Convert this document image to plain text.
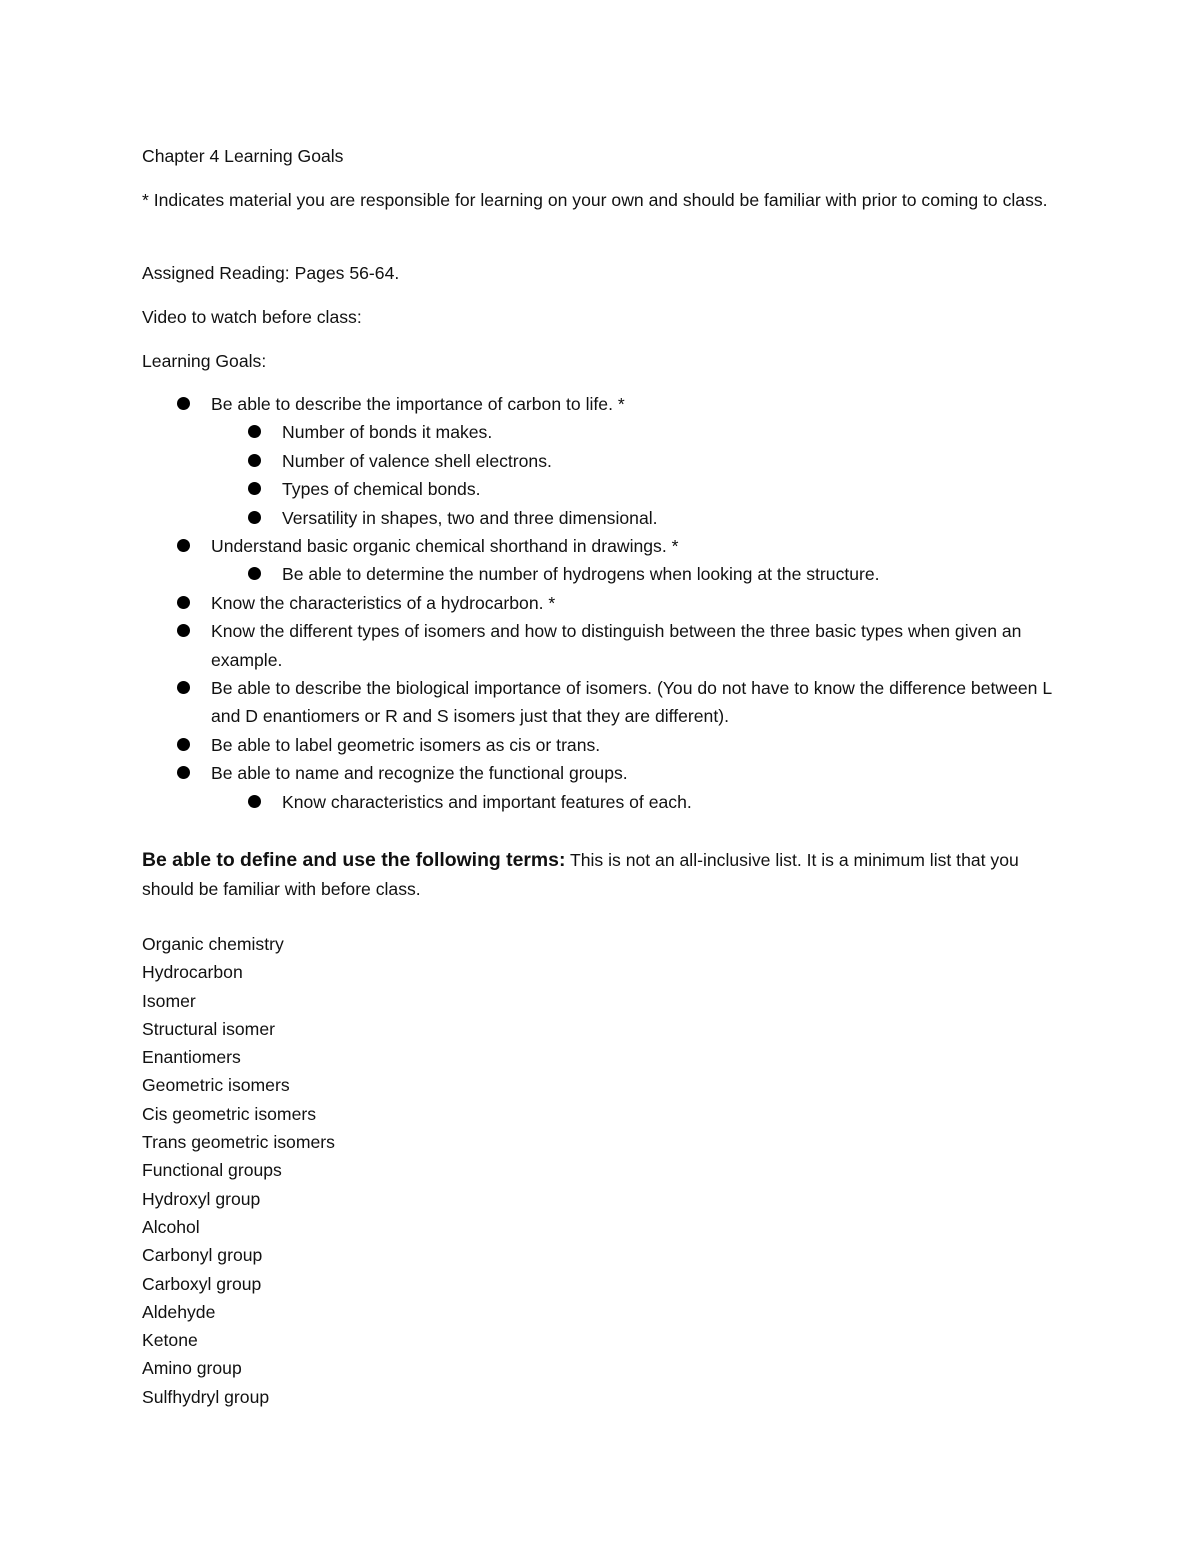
Chapter 4 Learning Goals

* Indicates material you are responsible for learning on your own and should be familiar with prior to coming to class.

Assigned Reading: Pages 56-64.

Video to watch before class:

Learning Goals:

Be able to describe the importance of carbon to life. *
Number of bonds it makes.
Number of valence shell electrons.
Types of chemical bonds.
Versatility in shapes, two and three dimensional.
Understand basic organic chemical shorthand in drawings. *
Be able to determine the number of hydrogens when looking at the structure.
Know the characteristics of a hydrocarbon. *
Know the different types of isomers and how to distinguish between the three basic types when given an example.
Be able to describe the biological importance of isomers. (You do not have to know the difference between L and D enantiomers or R and S isomers just that they are different).
Be able to label geometric isomers as cis or trans.
Be able to name and recognize the functional groups.
Know characteristics and important features of each.

Be able to define and use the following terms: This is not an all-inclusive list. It is a minimum list that you should be familiar with before class.

Organic chemistry
Hydrocarbon
Isomer
Structural isomer
Enantiomers
Geometric isomers
Cis geometric isomers
Trans geometric isomers
Functional groups
Hydroxyl group
Alcohol
Carbonyl group
Carboxyl group
Aldehyde
Ketone
Amino group
Sulfhydryl group
